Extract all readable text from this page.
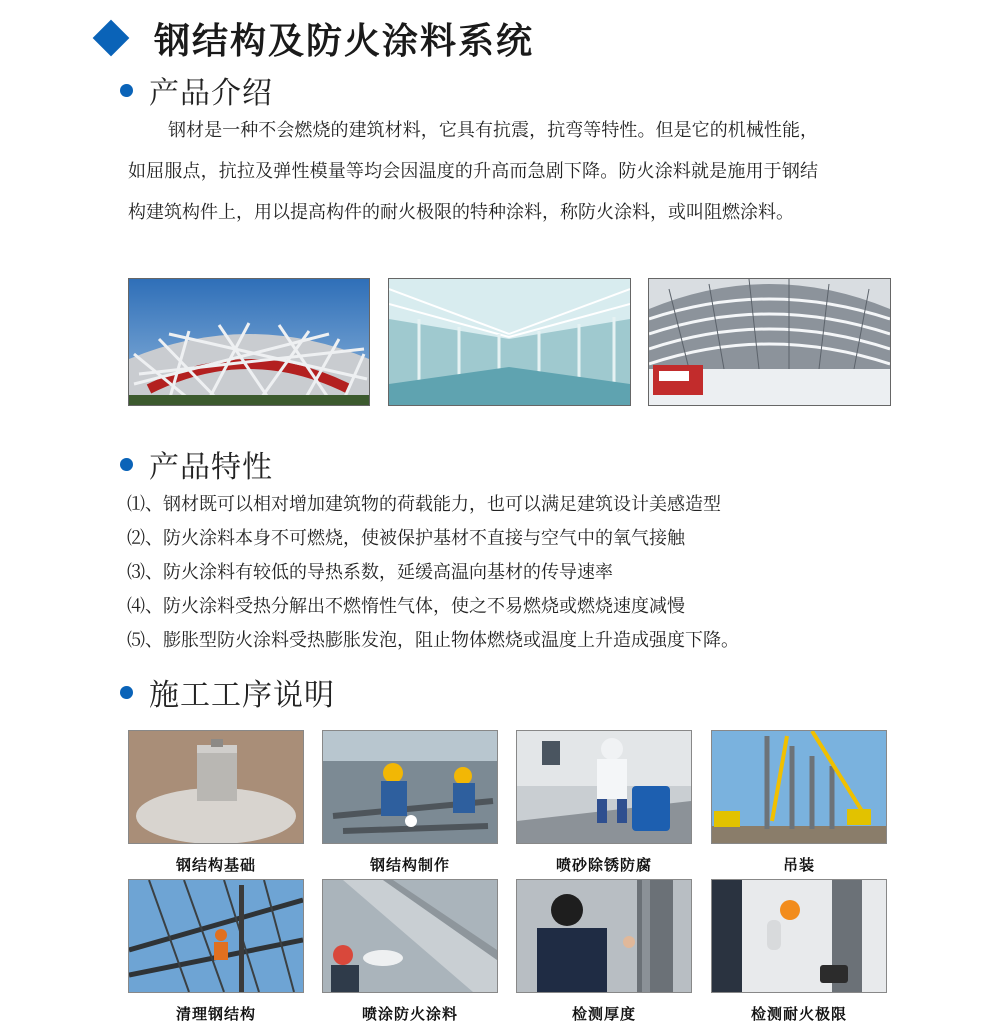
钢结构及防火涂料系统
产品介绍
钢材是一种不会燃烧的建筑材料，它具有抗震，抗弯等特性。但是它的机械性能，如屈服点，抗拉及弹性模量等均会因温度的升高而急剧下降。防火涂料就是施用于钢结构建筑构件上，用以提高构件的耐火极限的特种涂料，称防火涂料，或叫阻燃涂料。
产品特性
⑴、钢材既可以相对增加建筑物的荷载能力，也可以满足建筑设计美感造型
⑵、防火涂料本身不可燃烧，使被保护基材不直接与空气中的氧气接触
⑶、防火涂料有较低的导热系数，延缓高温向基材的传导速率
⑷、防火涂料受热分解出不燃惰性气体，使之不易燃烧或燃烧速度减慢
⑸、膨胀型防火涂料受热膨胀发泡，阻止物体燃烧或温度上升造成强度下降。
施工工序说明
钢结构基础	钢结构制作	喷砂除锈防腐	吊装
清理钢结构	喷涂防火涂料	检测厚度	检测耐火极限
